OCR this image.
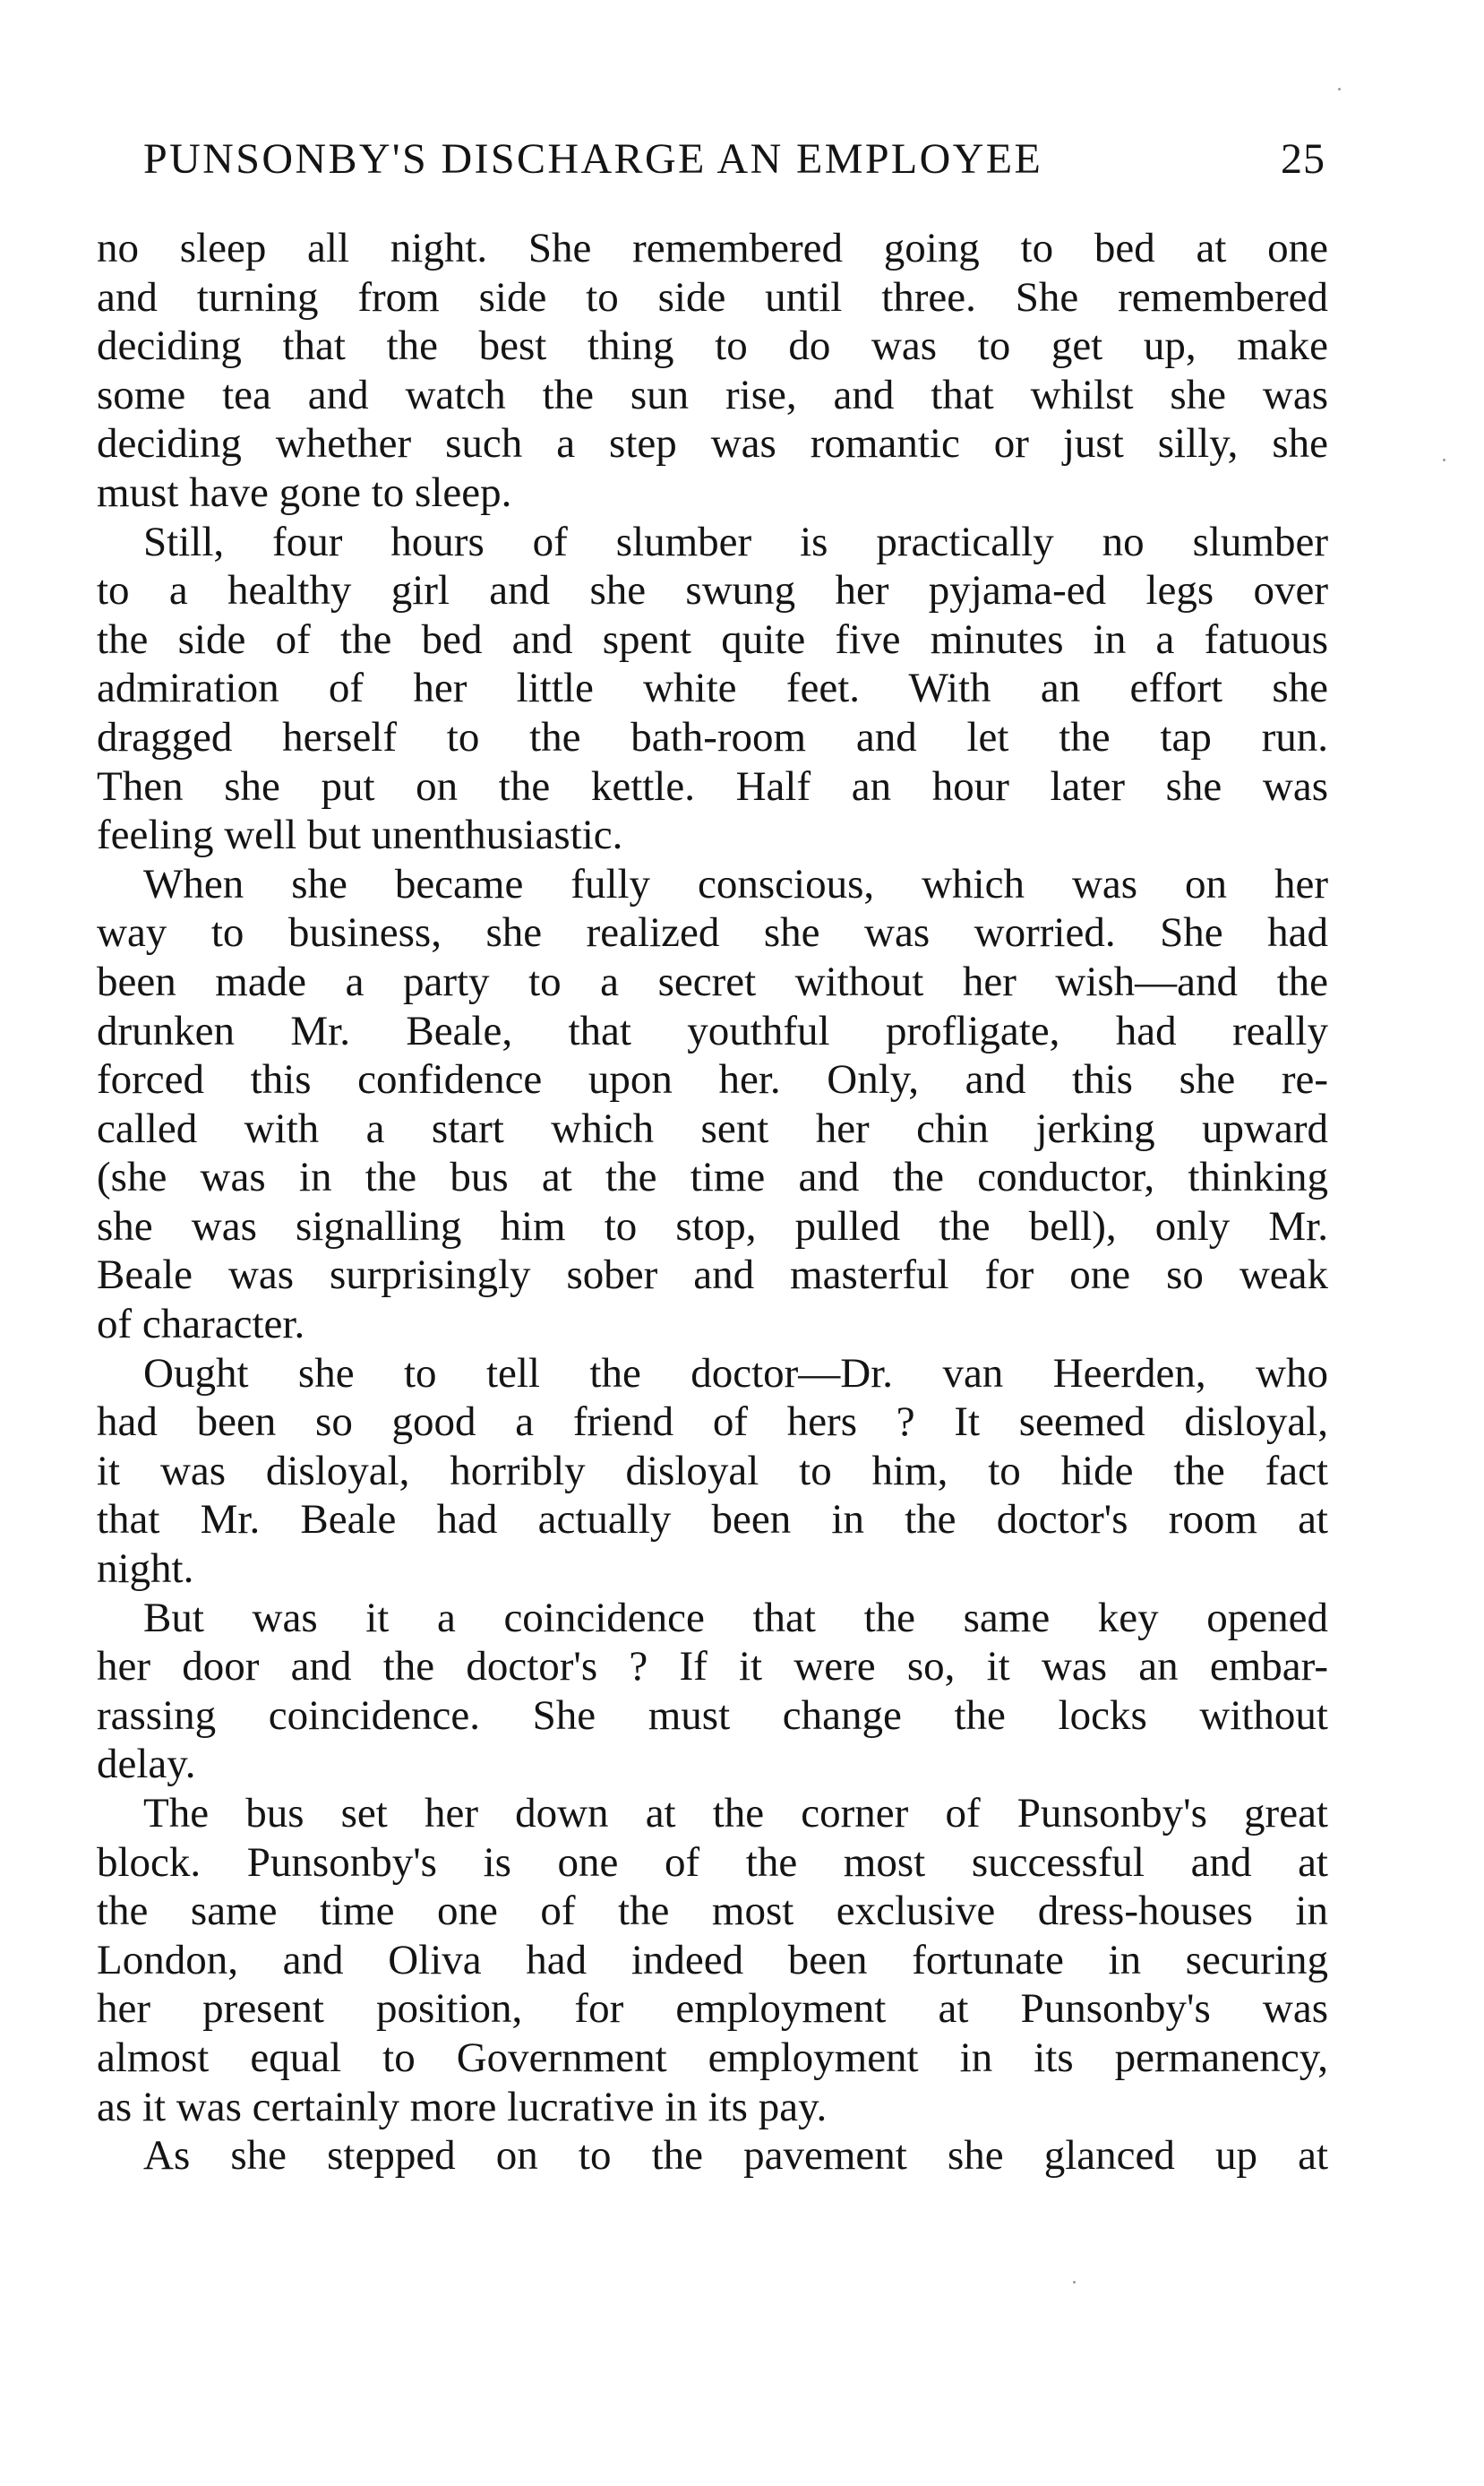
PUNSONBY'S DISCHARGE AN EMPLOYEE	25
no sleep all night. She remembered going to bed at one
and turning from side to side until three. She remembered
deciding that the best thing to do was to get up, make
some tea and watch the sun rise, and that whilst she was
deciding whether such a step was romantic or just silly, she
must have gone to sleep.
Still, four hours of slumber is practically no slumber
to a healthy girl and she swung her pyjama-ed legs over
the side of the bed and spent quite five minutes in a fatuous
admiration of her little white feet. With an effort she
dragged herself to the bath-room and let the tap run.
Then she put on the kettle. Half an hour later she was
feeling well but unenthusiastic.
When she became fully conscious, which was on her
way to business, she realized she was worried. She had
been made a party to a secret without her wish—and the
drunken Mr. Beale, that youthful profligate, had really
forced this confidence upon her. Only, and this she re-
called with a start which sent her chin jerking upward
(she was in the bus at the time and the conductor, thinking
she was signalling him to stop, pulled the bell), only Mr.
Beale was surprisingly sober and masterful for one so weak
of character.
Ought she to tell the doctor—Dr. van Heerden, who
had been so good a friend of hers ? It seemed disloyal,
it was disloyal, horribly disloyal to him, to hide the fact
that Mr. Beale had actually been in the doctor's room at
night.
But was it a coincidence that the same key opened
her door and the doctor's ? If it were so, it was an embar-
rassing coincidence. She must change the locks without
delay.
The bus set her down at the corner of Punsonby's great
block. Punsonby's is one of the most successful and at
the same time one of the most exclusive dress-houses in
London, and Oliva had indeed been fortunate in securing
her present position, for employment at Punsonby's was
almost equal to Government employment in its permanency,
as it was certainly more lucrative in its pay.
As she stepped on to the pavement she glanced up at
